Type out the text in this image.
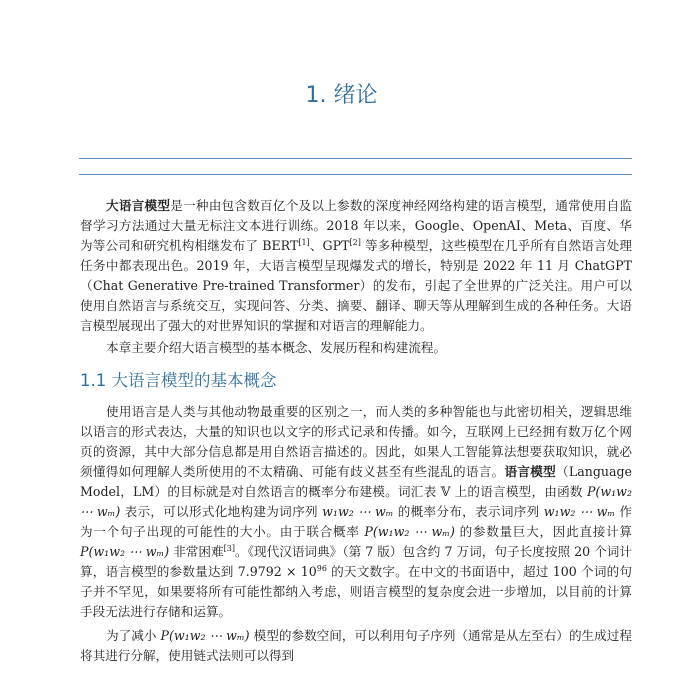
1. 绪论

大语言模型是一种由包含数百亿个及以上参数的深度神经网络构建的语言模型，通常使用自监督学习方法通过大量无标注文本进行训练。2018 年以来，Google、OpenAI、Meta、百度、华为等公司和研究机构相继发布了 BERT[1]、GPT[2] 等多种模型，这些模型在几乎所有自然语言处理任务中都表现出色。2019 年，大语言模型呈现爆发式的增长，特别是 2022 年 11 月 ChatGPT（Chat Generative Pre-trained Transformer）的发布，引起了全世界的广泛关注。用户可以使用自然语言与系统交互，实现问答、分类、摘要、翻译、聊天等从理解到生成的各种任务。大语言模型展现出了强大的对世界知识的掌握和对语言的理解能力。

本章主要介绍大语言模型的基本概念、发展历程和构建流程。

1.1 大语言模型的基本概念

使用语言是人类与其他动物最重要的区别之一，而人类的多种智能也与此密切相关，逻辑思维以语言的形式表达，大量的知识也以文字的形式记录和传播。如今，互联网上已经拥有数万亿个网页的资源，其中大部分信息都是用自然语言描述的。因此，如果人工智能算法想要获取知识，就必须懂得如何理解人类所使用的不太精确、可能有歧义甚至有些混乱的语言。语言模型（Language Model，LM）的目标就是对自然语言的概率分布建模。词汇表 𝕍 上的语言模型，由函数 P(w₁w₂ ⋯ wₘ) 表示，可以形式化地构建为词序列 w₁w₂ ⋯ wₘ 的概率分布，表示词序列 w₁w₂ ⋯ wₘ 作为一个句子出现的可能性的大小。由于联合概率 P(w₁w₂ ⋯ wₘ) 的参数量巨大，因此直接计算 P(w₁w₂ ⋯ wₘ) 非常困难[3]。《现代汉语词典》（第 7 版）包含约 7 万词，句子长度按照 20 个词计算，语言模型的参数量达到 $7.9792 \times 10^{96}$ 的天文数字。在中文的书面语中，超过 100 个词的句子并不罕见，如果要将所有可能性都纳入考虑，则语言模型的复杂度会进一步增加，以目前的计算手段无法进行存储和运算。

为了减小 P(w₁w₂ ⋯ wₘ) 模型的参数空间，可以利用句子序列（通常是从左至右）的生成过程将其进行分解，使用链式法则可以得到
